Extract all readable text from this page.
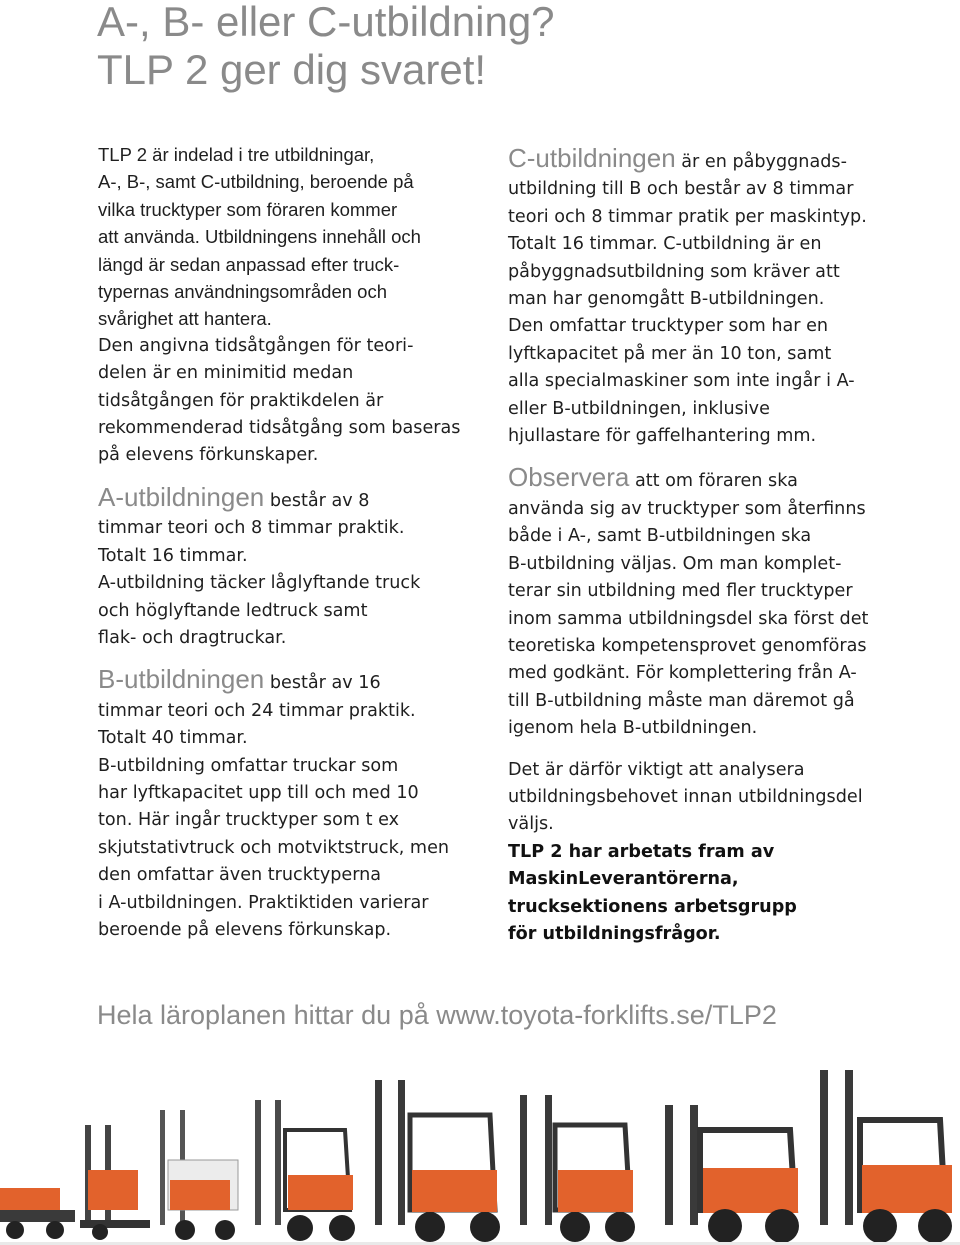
A-, B- eller C-utbildning?
TLP 2 ger dig svaret!

TLP 2 är indelad i tre utbildningar,
A-, B-, samt C-utbildning, beroende på
vilka trucktyper som föraren kommer
att använda. Utbildningens innehåll och
längd är sedan anpassad efter truck-
typernas användningsområden och
svårighet att hantera.

Den angivna tidsåtgången för teori-
delen är en minimitid medan
tidsåtgången för praktikdelen är
rekommenderad tidsåtgång som baseras
på elevens förkunskaper.

A-utbildningen består av 8
timmar teori och 8 timmar praktik.
Totalt 16 timmar.
A-utbildning täcker låglyftande truck
och höglyftande ledtruck samt
flak- och dragtruckar.

B-utbildningen består av 16
timmar teori och 24 timmar praktik.
Totalt 40 timmar.
B-utbildning omfattar truckar som
har lyftkapacitet upp till och med 10
ton. Här ingår trucktyper som t ex
skjutstativtruck och motviktstruck, men
den omfattar även trucktyperna
i A-utbildningen. Praktiktiden varierar
beroende på elevens förkunskap.

C-utbildningen är en påbyggnads-
utbildning till B och består av 8 timmar
teori och 8 timmar pratik per maskintyp.
Totalt 16 timmar. C-utbildning är en
påbyggnadsutbildning som kräver att
man har genomgått B-utbildningen.
Den omfattar trucktyper som har en
lyftkapacitet på mer än 10 ton, samt
alla specialmaskiner som inte ingår i A-
eller B-utbildningen, inklusive
hjullastare för gaffelhantering mm.

Observera att om föraren ska
använda sig av trucktyper som återfinns
både i A-, samt B-utbildningen ska
B-utbildning väljas. Om man komplet-
terar sin utbildning med fler trucktyper
inom samma utbildningsdel ska först det
teoretiska kompetensprovet genomföras
med godkänt. För komplettering från A-
till B-utbildning måste man däremot gå
igenom hela B-utbildningen.

Det är därför viktigt att analysera
utbildningsbehovet innan utbildningsdel
väljs.

TLP 2 har arbetats fram av
MaskinLeverantörerna,
trucksektionens arbetsgrupp
för utbildningsfrågor.

Hela läroplanen hittar du på www.toyota-forklifts.se/TLP2
